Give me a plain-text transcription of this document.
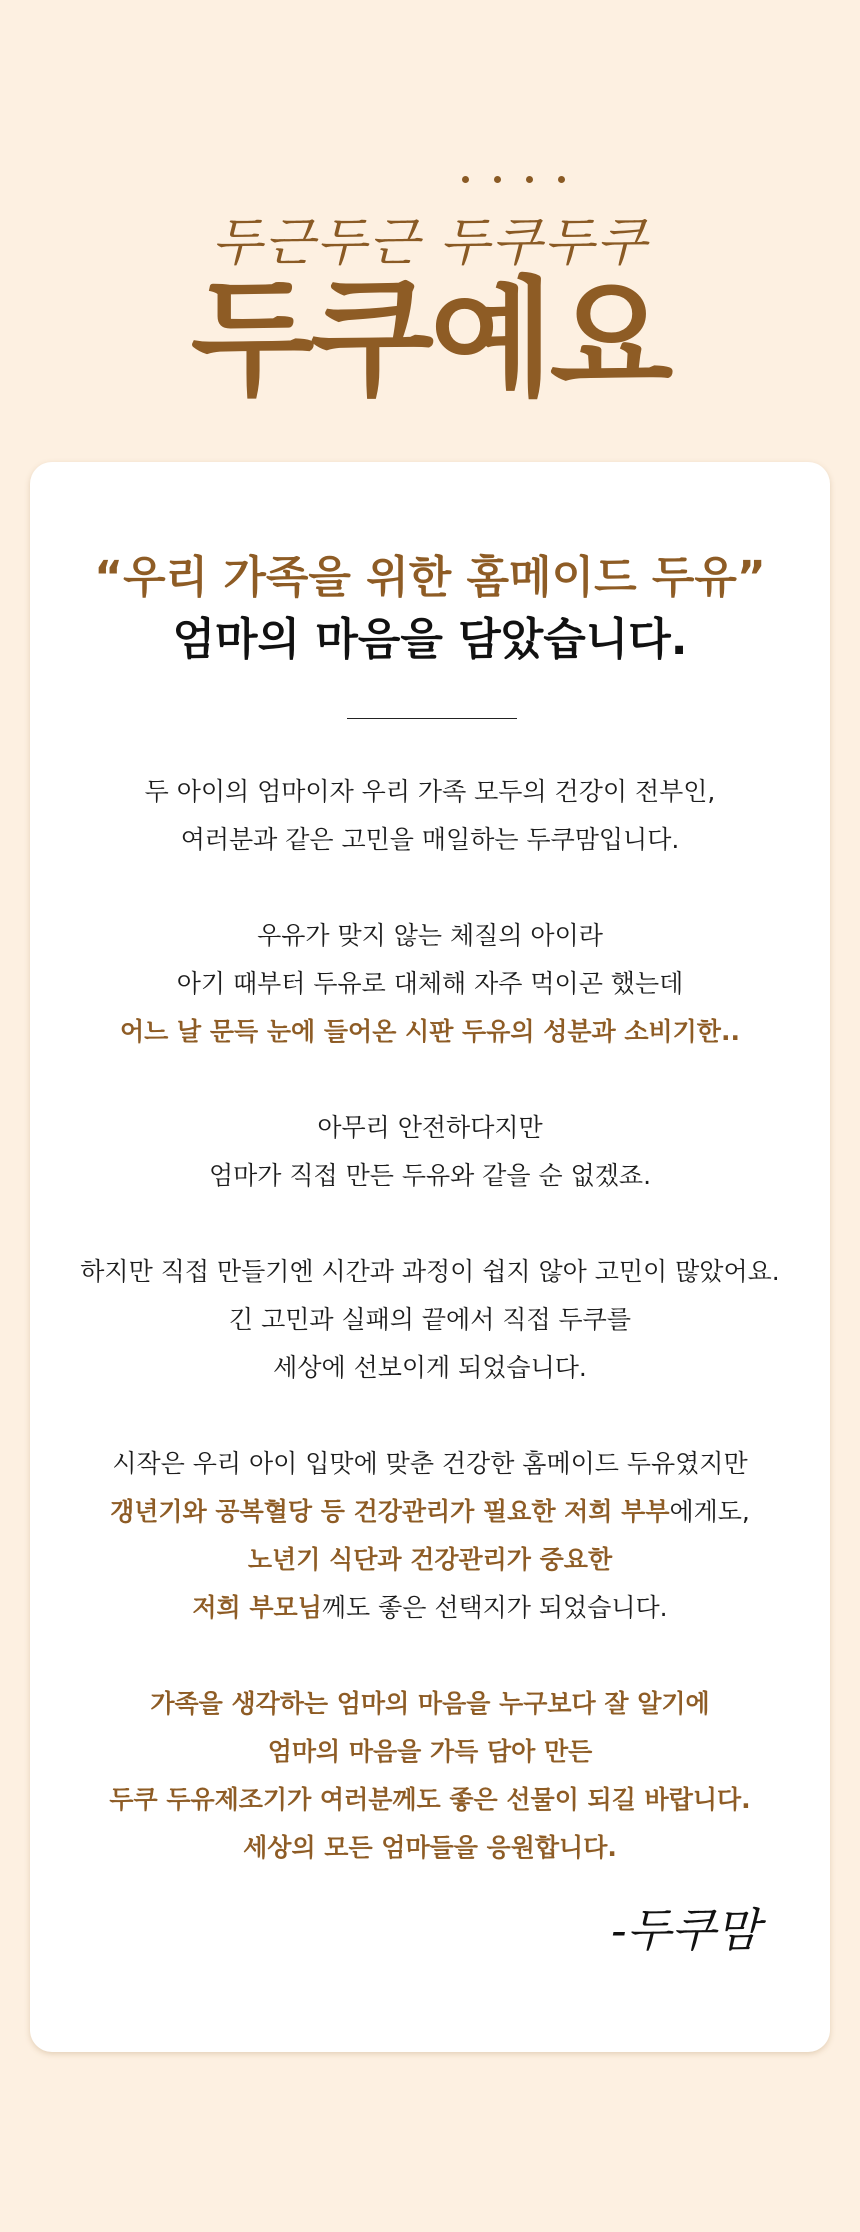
두근두근 두쿠두쿠
두쿠예요
“우리 가족을 위한 홈메이드 두유”
엄마의 마음을 담았습니다.

두 아이의 엄마이자 우리 가족 모두의 건강이 전부인,
여러분과 같은 고민을 매일하는 두쿠맘입니다.

우유가 맞지 않는 체질의 아이라
아기 때부터 두유로 대체해 자주 먹이곤 했는데
어느 날 문득 눈에 들어온 시판 두유의 성분과 소비기한..

아무리 안전하다지만
엄마가 직접 만든 두유와 같을 순 없겠죠.

하지만 직접 만들기엔 시간과 과정이 쉽지 않아 고민이 많았어요.
긴 고민과 실패의 끝에서 직접 두쿠를
세상에 선보이게 되었습니다.

시작은 우리 아이 입맛에 맞춘 건강한 홈메이드 두유였지만
갱년기와 공복혈당 등 건강관리가 필요한 저희 부부에게도,
노년기 식단과 건강관리가 중요한
저희 부모님께도 좋은 선택지가 되었습니다.

가족을 생각하는 엄마의 마음을 누구보다 잘 알기에
엄마의 마음을 가득 담아 만든
두쿠 두유제조기가 여러분께도 좋은 선물이 되길 바랍니다.
세상의 모든 엄마들을 응원합니다.

-두쿠맘
